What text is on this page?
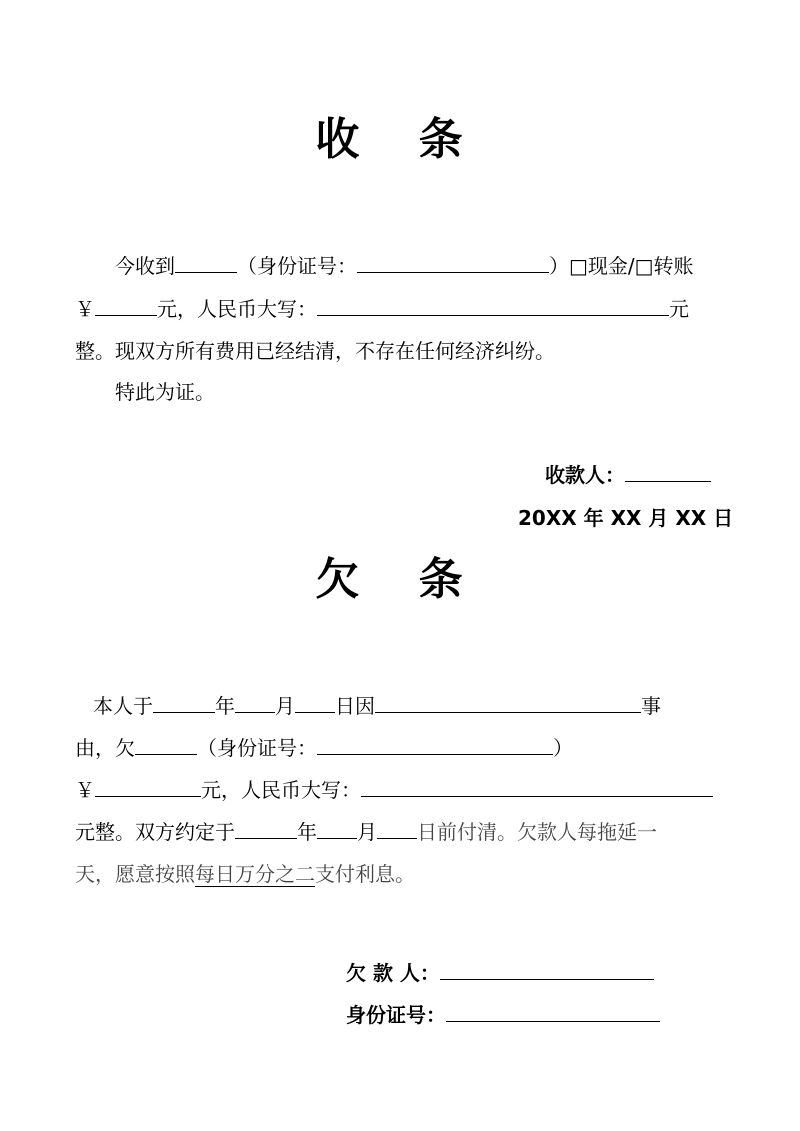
收 条
今收到	（身份证号：	）□现金/□转账
￥	元，人民币大写：	元
整。现双方所有费用已经结清，不存在任何经济纠纷。
特此为证。
收款人：
20XX 年 XX 月 XX 日
欠 条
本人于	年 月 日因	事
由，欠	（身份证号：	）
￥	元，人民币大写：
元整。双方约定于	年 月 日前付清。欠款人每拖延一
天，愿意按照每日万分之二支付利息。
欠 款 人：
身份证号：
